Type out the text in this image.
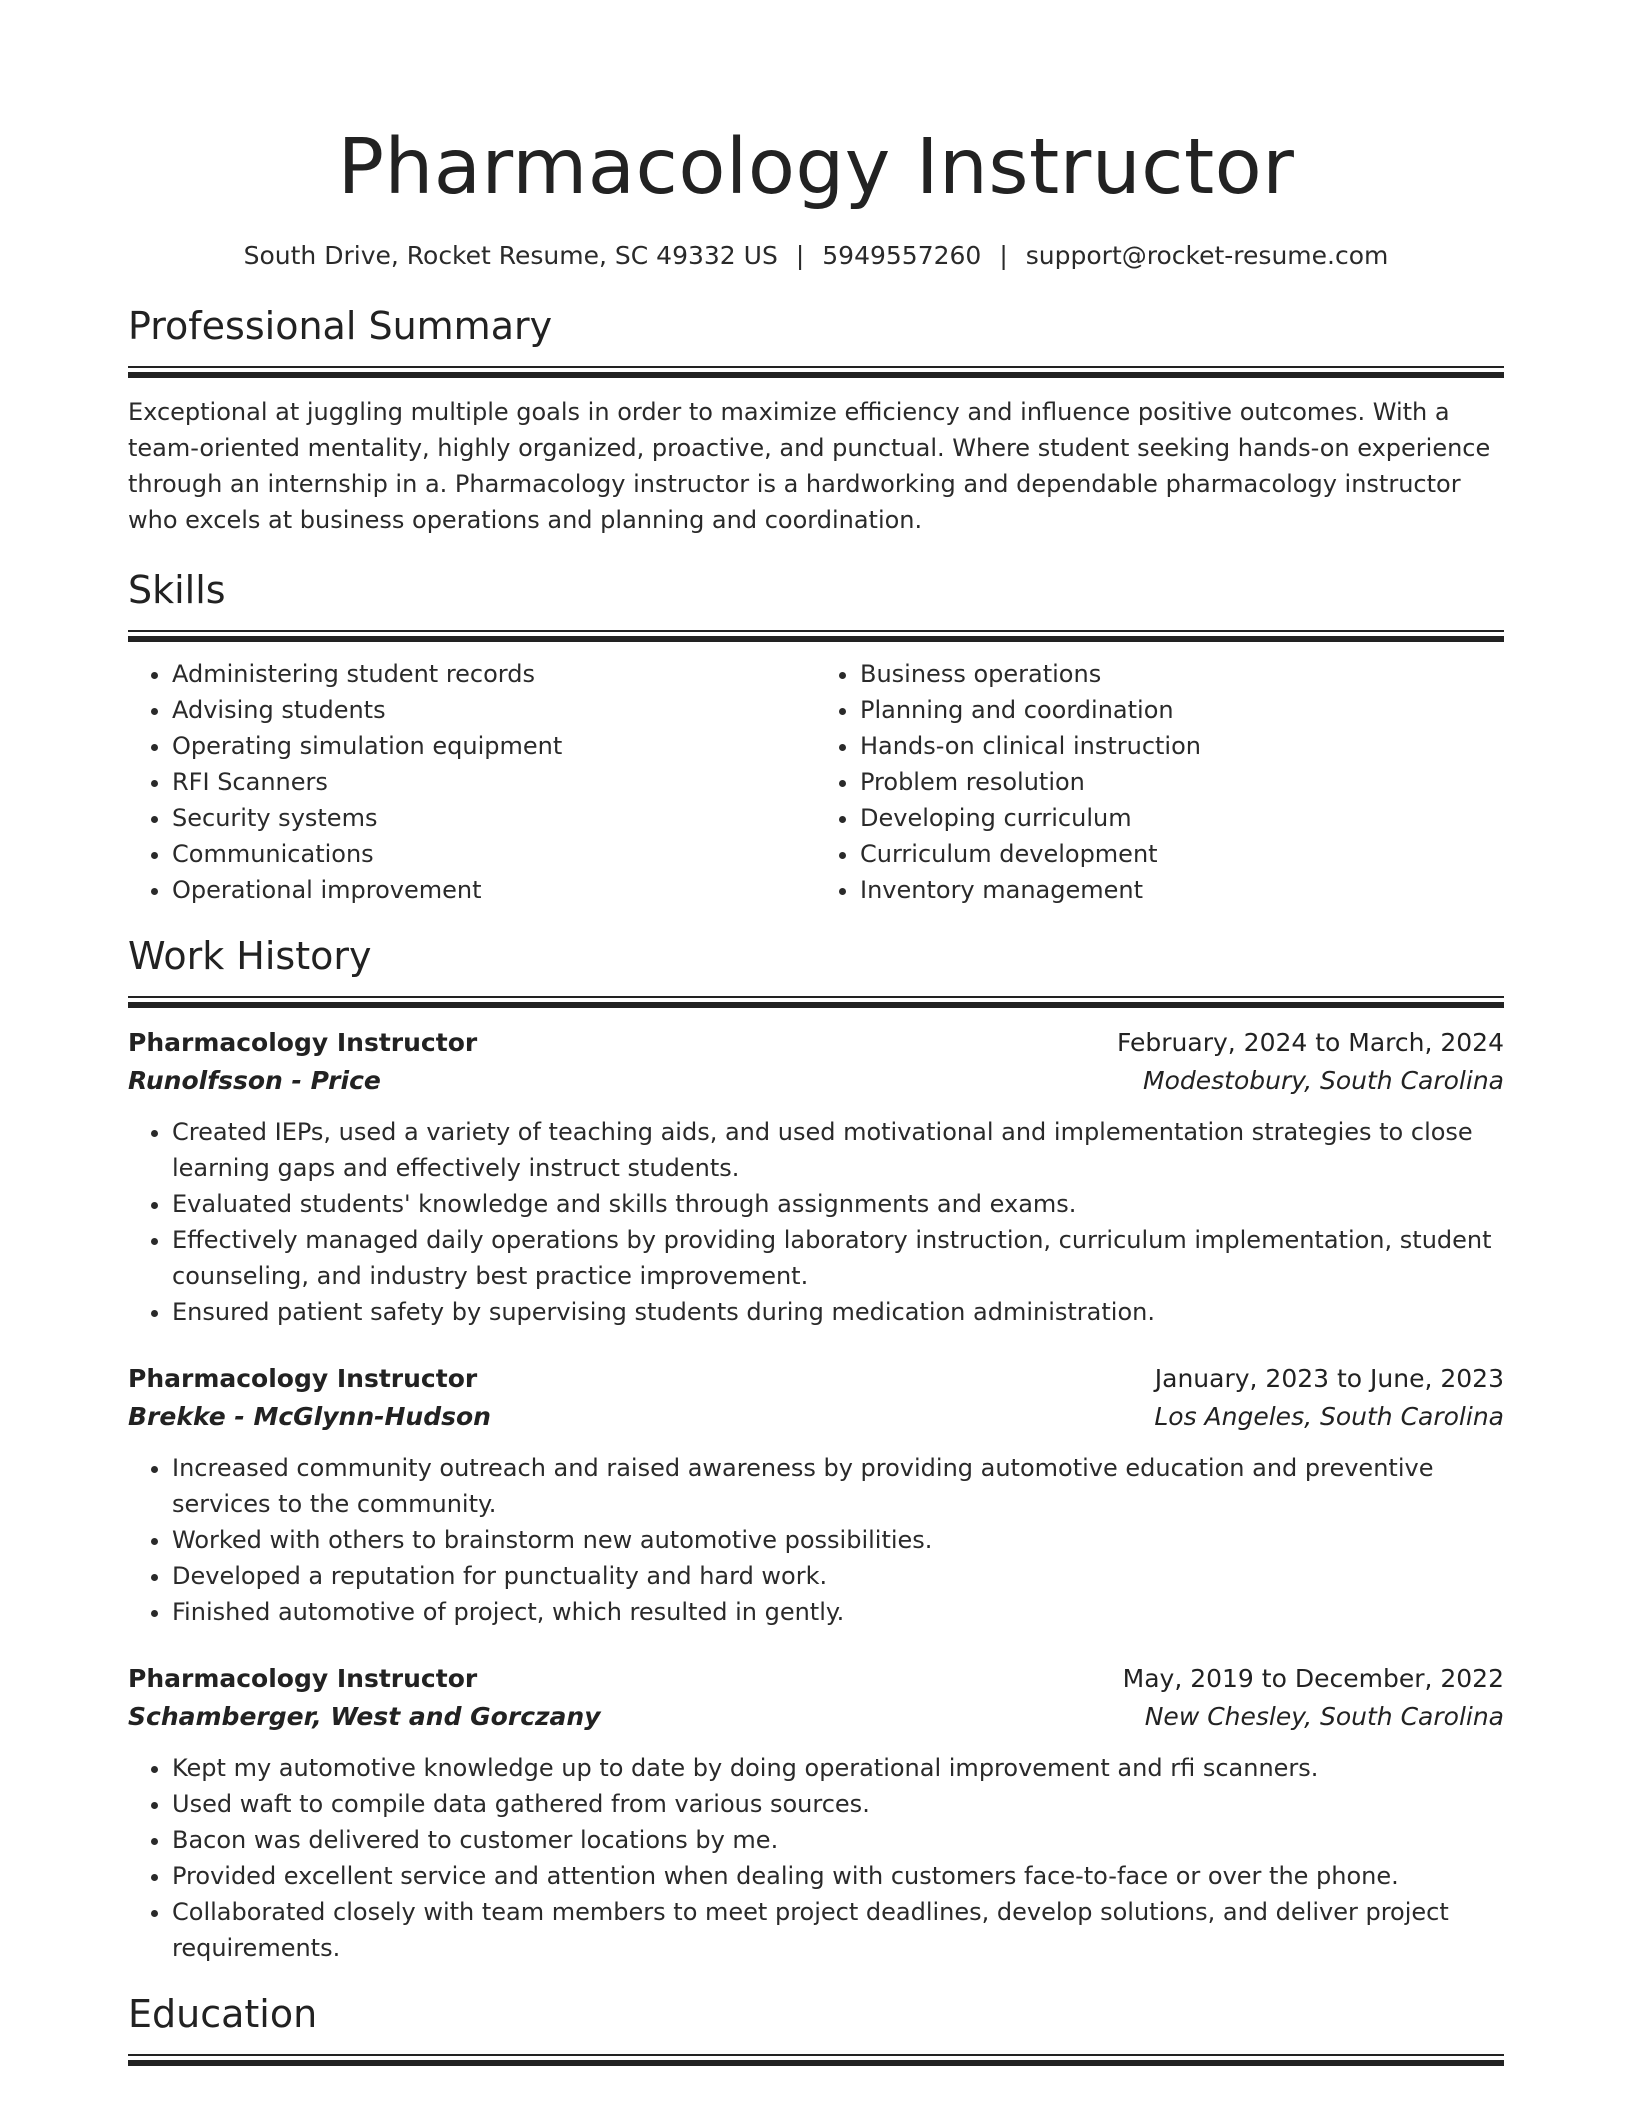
Pharmacology Instructor
South Drive, Rocket Resume, SC 49332 US | 5949557260 | support@rocket-resume.com
Professional Summary

Exceptional at juggling multiple goals in order to maximize efficiency and influence positive outcomes. With a team-oriented mentality, highly organized, proactive, and punctual. Where student seeking hands-on experience through an internship in a. Pharmacology instructor is a hardworking and dependable pharmacology instructor who excels at business operations and planning and coordination.

Skills
• Administering student records
• Advising students
• Operating simulation equipment
• RFI Scanners
• Security systems
• Communications
• Operational improvement
• Business operations
• Planning and coordination
• Hands-on clinical instruction
• Problem resolution
• Developing curriculum
• Curriculum development
• Inventory management
Work History
Pharmacology Instructor	February, 2024 to March, 2024
Runolfsson - Price	Modestobury, South Carolina
• Created IEPs, used a variety of teaching aids, and used motivational and implementation strategies to close learning gaps and effectively instruct students.
• Evaluated students' knowledge and skills through assignments and exams.
• Effectively managed daily operations by providing laboratory instruction, curriculum implementation, student counseling, and industry best practice improvement.
• Ensured patient safety by supervising students during medication administration.
Pharmacology Instructor	January, 2023 to June, 2023
Brekke - McGlynn-Hudson	Los Angeles, South Carolina
• Increased community outreach and raised awareness by providing automotive education and preventive services to the community.
• Worked with others to brainstorm new automotive possibilities.
• Developed a reputation for punctuality and hard work.
• Finished automotive of project, which resulted in gently.
Pharmacology Instructor	May, 2019 to December, 2022
Schamberger, West and Gorczany	New Chesley, South Carolina
• Kept my automotive knowledge up to date by doing operational improvement and rfi scanners.
• Used waft to compile data gathered from various sources.
• Bacon was delivered to customer locations by me.
• Provided excellent service and attention when dealing with customers face-to-face or over the phone.
• Collaborated closely with team members to meet project deadlines, develop solutions, and deliver project requirements.
Education
